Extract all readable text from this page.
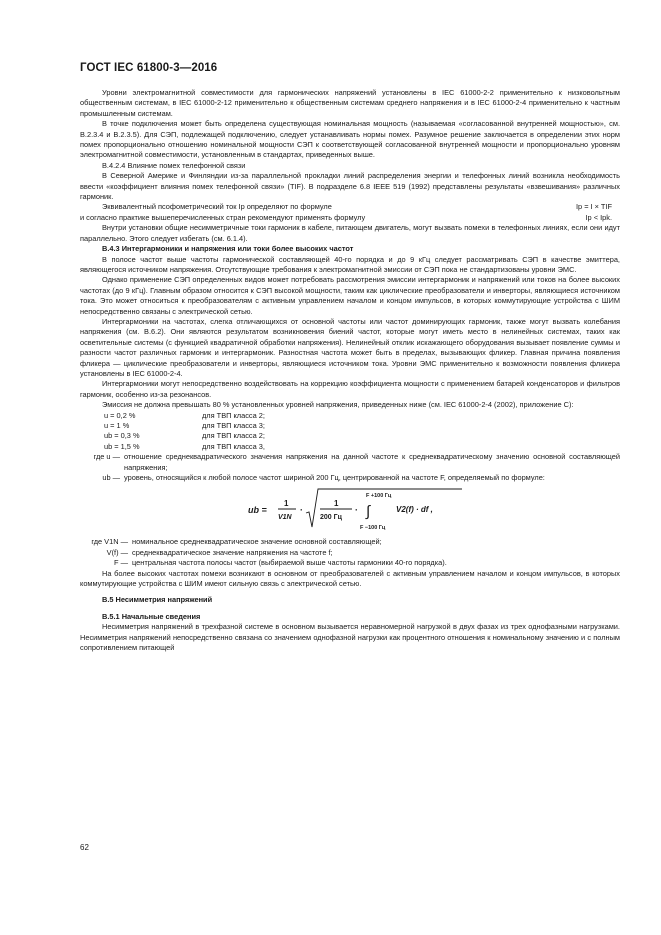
ГОСТ IEC 61800-3—2016

Уровни электромагнитной совместимости для гармонических напряжений установлены в IEC 61000-2-2 применительно к низковольтным общественным системам, в IEC 61000-2-12 применительно к общественным системам среднего напряжения и в IEC 61000-2-4 применительно к частным промышленным системам.

В точке подключения может быть определена существующая номинальная мощность (называемая «согласованной внутренней мощностью», см. В.2.3.4 и В.2.3.5). Для СЭП, подлежащей подключению, следует устанавливать нормы помех. Разумное решение заключается в определении этих норм помех пропорционально отношению номинальной мощности СЭП к соответствующей согласованной внутренней мощности и пропорционально уровням электромагнитной совместимости, установленным в стандартах, приведенных выше.

В.4.2.4 Влияние помех телефонной связи

В Северной Америке и Финляндии из-за параллельной прокладки линий распределения энергии и телефонных линий возникла необходимость ввести «коэффициент влияния помех телефонной связи» (TIF). В подразделе 6.8 IEEE 519 (1992) представлены результаты «взвешивания» различных гармоник.

Эквивалентный псофометрический ток Iр определяют по формуле	Iр = I × TIF
и согласно практике вышеперечисленных стран рекомендуют применять формулу	Iр < Iрk.

Внутри установки общие несимметричные токи гармоник в кабеле, питающем двигатель, могут вызвать помехи в телефонных линиях, если они идут параллельно. Этого следует избегать (см. 6.1.4).

В.4.3 Интергармоники и напряжения или токи более высоких частот

В полосе частот выше частоты гармонической составляющей 40-го порядка и до 9 кГц следует рассматривать СЭП в качестве эмиттера, являющегося источником напряжения. Отсутствующие требования к электромагнитной эмиссии от СЭП пока не стандартизованы уровни ЭМС.

Однако применение СЭП определенных видов может потребовать рассмотрения эмиссии интергармоник и напряжений или токов на более высоких частотах (до 9 кГц). Главным образом относится к СЭП высокой мощности, таким как циклические преобразователи и инверторы, являющиеся источником тока. Это может относиться к преобразователям с активным управлением началом и концом импульсов, в которых коммутирующие устройства с ШИМ непосредственно связаны с электрической сетью.

Интергармоники на частотах, слегка отличающихся от основной частоты или частот доминирующих гармоник, также могут вызвать колебания напряжения (см. В.6.2). Они являются результатом возникновения биений частот, которые могут иметь место в нелинейных системах, таких как осветительные системы (с функцией квадратичной обработки напряжения). Нелинейный отклик искажающего оборудования вызывает появление суммы и разности частот различных гармоник и интергармоник. Разностная частота может быть в пределах, вызывающих фликер. Главная причина появления фликера — циклические преобразователи и инверторы, являющиеся источником тока. Уровни ЭМС применительно к возможности появления фликера установлены в IEC 61000-2-4.

Интергармоники могут непосредственно воздействовать на коррекцию коэффициента мощности с применением батарей конденсаторов и фильтров гармоник, особенно из-за резонансов.

Эмиссия не должна превышать 80 % установленных уровней напряжения, приведенных ниже (см. IEC 61000-2-4 (2002), приложение С):

u = 0,2 %	для ТВП класса 2;
u = 1 %	для ТВП класса 3;
ub = 0,3 %	для ТВП класса 2;
ub = 1,5 %	для ТВП класса 3,
где u — отношение среднеквадратического значения напряжения на данной частоте к среднеквадратическому значению основной составляющей напряжения;
ub — уровень, относящийся к любой полосе частот шириной 200 Гц, центрированной на частоте F, определяемый по формуле:
ub =
1
V1N
·
1
200 Гц
·
F +100 Гц
∫
F −100 Гц
V2(f) · df ,
где V1N — номинальное среднеквадратическое значение основной составляющей;
V(f) — среднеквадратическое значение напряжения на частоте f;
F — центральная частота полосы частот (выбираемой выше частоты гармоники 40-го порядка).

На более высоких частотах помехи возникают в основном от преобразователей с активным управлением началом и концом импульсов, в которых коммутирующие устройства с ШИМ имеют сильную связь с электрической сетью.

В.5 Несимметрия напряжений

В.5.1 Начальные сведения

Несимметрия напряжений в трехфазной системе в основном вызывается неравномерной нагрузкой в двух фазах из трех однофазными нагрузками. Несимметрия напряжений непосредственно связана со значением однофазной нагрузки как процентного отношения к номинальному значению и с полным сопротивлением питающей

62
